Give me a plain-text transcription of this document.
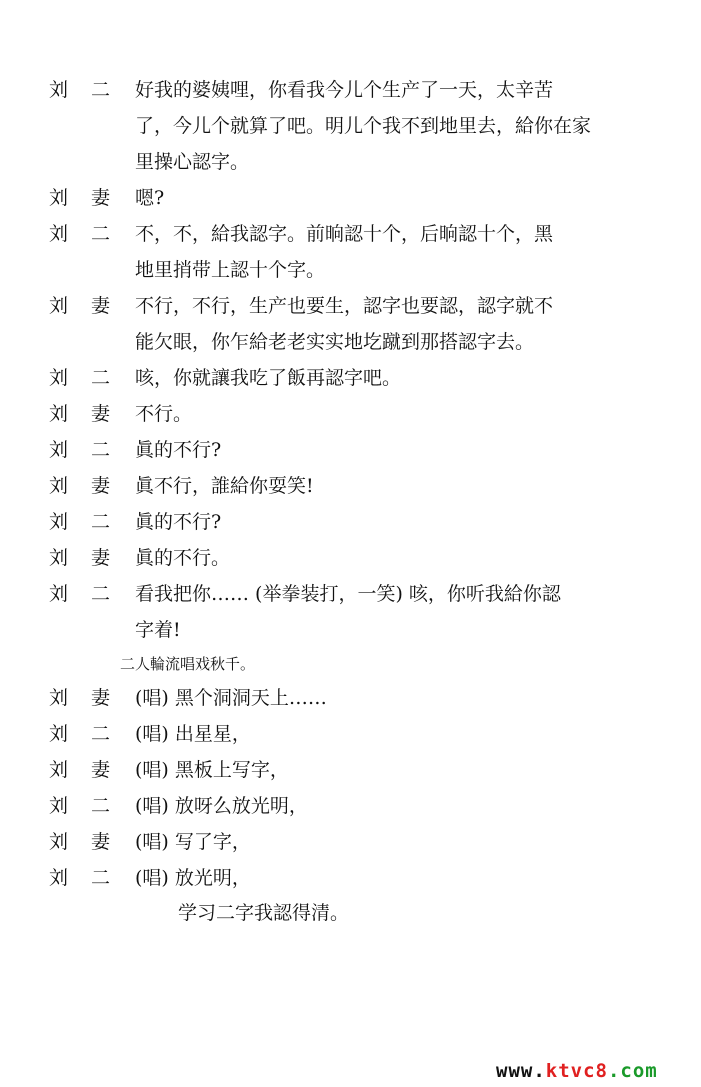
www.ktvc8.com
刘 二 好我的婆姨哩，你看我今儿个生产了一天，太辛苦
了，今儿个就算了吧。明儿个我不到地里去，給你在家
里操心認字。
刘 妻 嗯?
刘 二 不，不，給我認字。前晌認十个，后晌認十个，黑
地里捎带上認十个字。
刘 妻 不行，不行，生产也要生，認字也要認，認字就不
能欠眼，你乍給老老实实地圪蹴到那搭認字去。
刘 二 咳，你就讓我吃了飯再認字吧。
刘 妻 不行。
刘 二 眞的不行?
刘 妻 眞不行，誰給你耍笑!
刘 二 眞的不行?
刘 妻 眞的不行。
刘 二 看我把你…… (举拳装打，一笑) 咳，你听我給你認
字着!
二人輪流唱戏秋千。
刘 妻 (唱) 黑个洞洞天上……
刘 二 (唱) 出星星，
刘 妻 (唱) 黑板上写字，
刘 二 (唱) 放呀么放光明，
刘 妻 (唱) 写了字，
刘 二 (唱) 放光明，
学习二字我認得清。
